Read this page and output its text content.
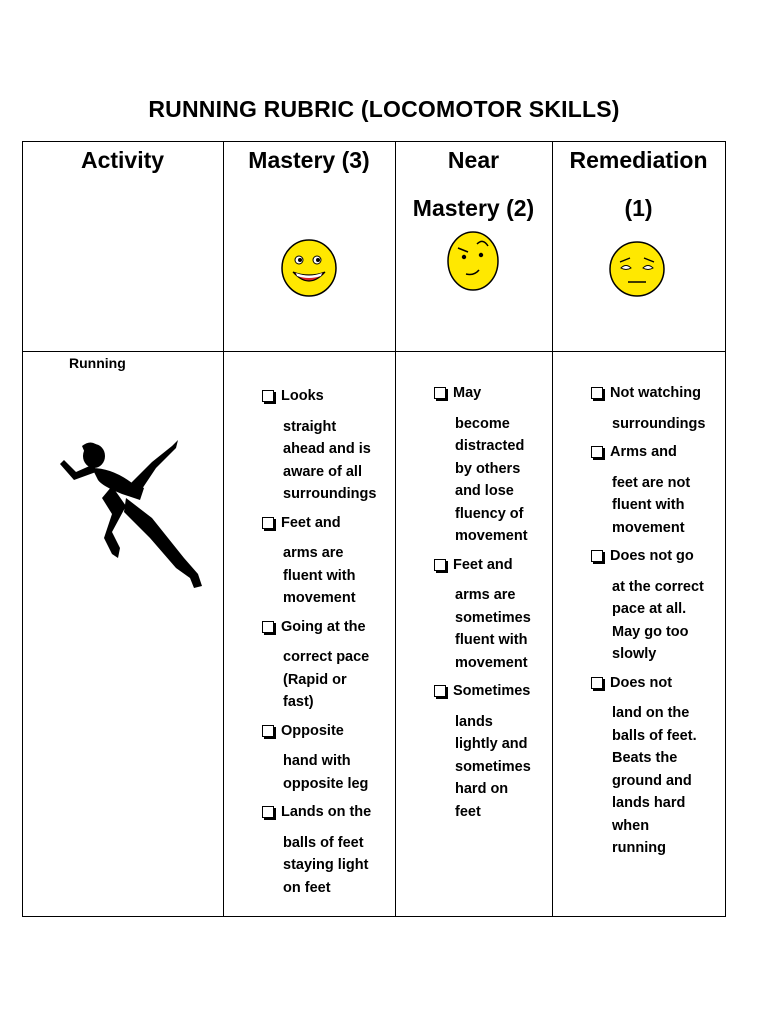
RUNNING RUBRIC (LOCOMOTOR SKILLS)
Activity	Mastery (3)	Near
Mastery (2)
Remediation
(1)
Running
Looks
straight
ahead and is
aware of all
surroundings
Feet and
arms are
fluent with
movement
Going at the
correct pace
(Rapid or
fast)
Opposite
hand with
opposite leg
Lands on the
balls of feet
staying light
on feet
May
become
distracted
by others
and lose
fluency of
movement
Feet and
arms are
sometimes
fluent with
movement
Sometimes
lands
lightly and
sometimes
hard on
feet
Not watching
surroundings
Arms and
feet are not
fluent with
movement
Does not go
at the correct
pace at all.
May go too
slowly
Does not
land on the
balls of feet.
Beats the
ground and
lands hard
when
running
